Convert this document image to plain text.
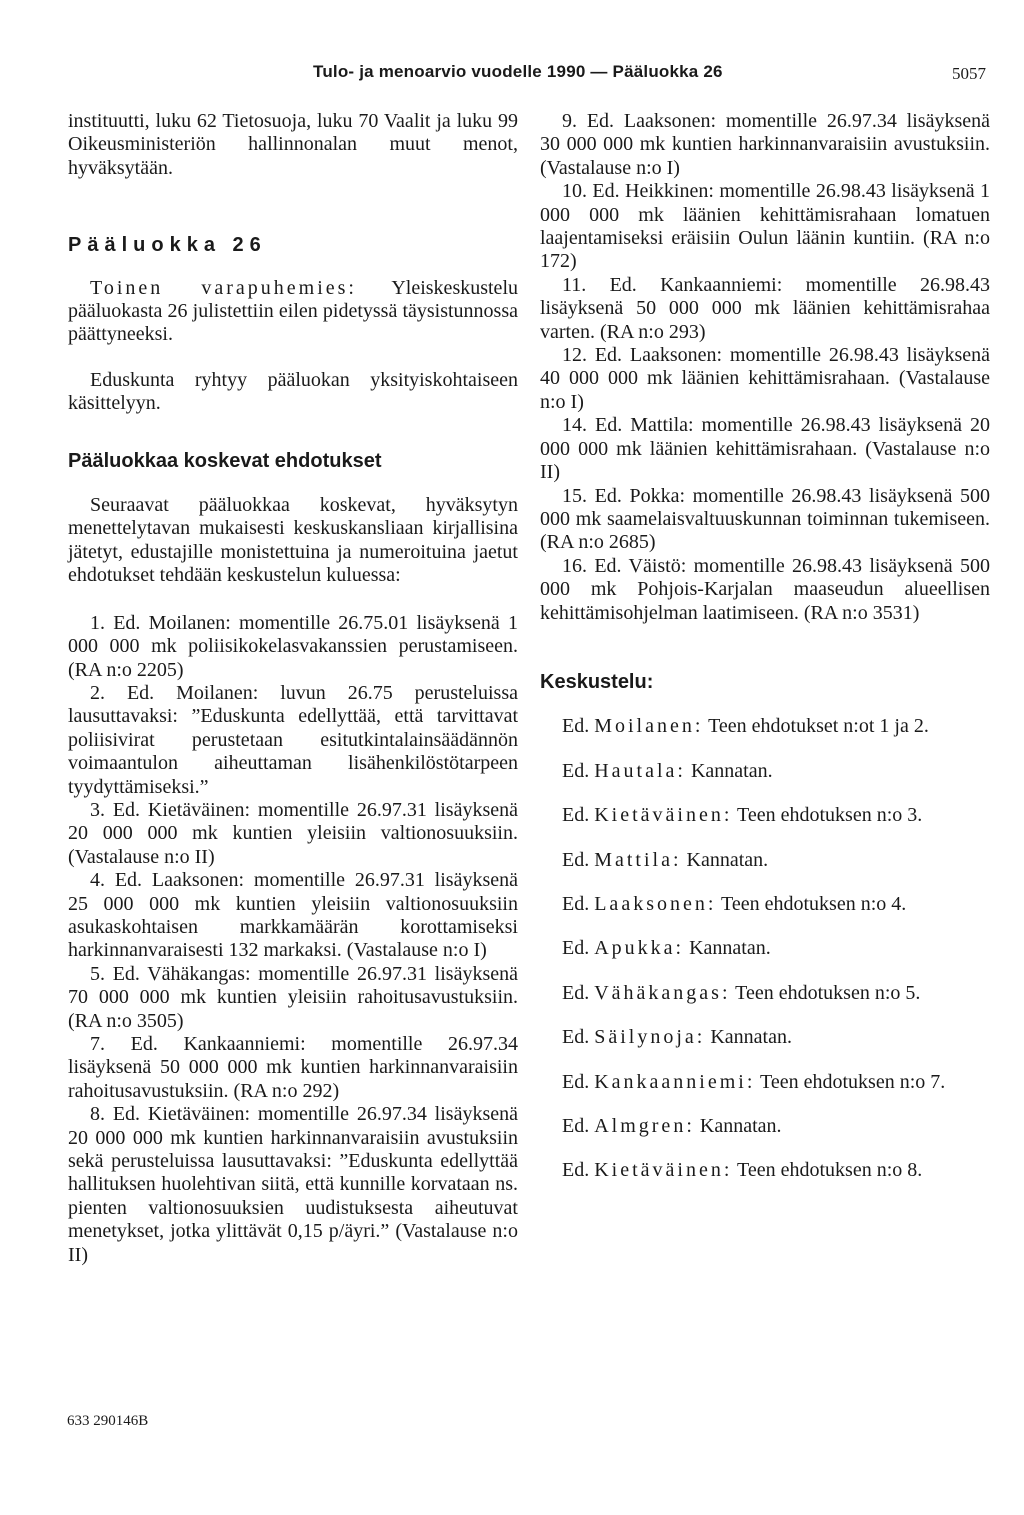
Tulo- ja menoarvio vuodelle 1990 — Pääluokka 26	5057

instituutti, luku 62 Tietosuoja, luku 70 Vaalit ja luku 99 Oikeusministeriön hallinnonalan muut menot, hyväksytään.

Pääluokka 26

Toinen varapuhemies: Yleiskeskustelu pääluokasta 26 julistettiin eilen pidetyssä täysistunnossa päättyneeksi.

Eduskunta ryhtyy pääluokan yksityiskohtaiseen käsittelyyn.

Pääluokkaa koskevat ehdotukset

Seuraavat pääluokkaa koskevat, hyväksytyn menettelytavan mukaisesti keskuskansliaan kirjallisina jätetyt, edustajille monistettuina ja numeroituina jaetut ehdotukset tehdään keskustelun kuluessa:

1. Ed. Moilanen: momentille 26.75.01 lisäyksenä 1 000 000 mk poliisikokelasvakanssien perustamiseen. (RA n:o 2205)

2. Ed. Moilanen: luvun 26.75 perusteluissa lausuttavaksi: ”Eduskunta edellyttää, että tarvittavat poliisivirat perustetaan esitutkintalainsäädännön voimaantulon aiheuttaman lisähenkilöstötarpeen tyydyttämiseksi.”

3. Ed. Kietäväinen: momentille 26.97.31 lisäyksenä 20 000 000 mk kuntien yleisiin valtionosuuksiin. (Vastalause n:o II)

4. Ed. Laaksonen: momentille 26.97.31 lisäyksenä 25 000 000 mk kuntien yleisiin valtionosuuksiin asukaskohtaisen markkamäärän korottamiseksi harkinnanvaraisesti 132 markaksi. (Vastalause n:o I)

5. Ed. Vähäkangas: momentille 26.97.31 lisäyksenä 70 000 000 mk kuntien yleisiin rahoitusavustuksiin. (RA n:o 3505)

7. Ed. Kankaanniemi: momentille 26.97.34 lisäyksenä 50 000 000 mk kuntien harkinnanvaraisiin rahoitusavustuksiin. (RA n:o 292)

8. Ed. Kietäväinen: momentille 26.97.34 lisäyksenä 20 000 000 mk kuntien harkinnanvaraisiin avustuksiin sekä perusteluissa lausuttavaksi: ”Eduskunta edellyttää hallituksen huolehtivan siitä, että kunnille korvataan ns. pienten valtionosuuksien uudistuksesta aiheutuvat menetykset, jotka ylittävät 0,15 p/äyri.” (Vastalause n:o II)

9. Ed. Laaksonen: momentille 26.97.34 lisäyksenä 30 000 000 mk kuntien harkinnanvaraisiin avustuksiin. (Vastalause n:o I)

10. Ed. Heikkinen: momentille 26.98.43 lisäyksenä 1 000 000 mk läänien kehittämisrahaan lomatuen laajentamiseksi eräisiin Oulun läänin kuntiin. (RA n:o 172)

11. Ed. Kankaanniemi: momentille 26.98.43 lisäyksenä 50 000 000 mk läänien kehittämisrahaa varten. (RA n:o 293)

12. Ed. Laaksonen: momentille 26.98.43 lisäyksenä 40 000 000 mk läänien kehittämisrahaan. (Vastalause n:o I)

14. Ed. Mattila: momentille 26.98.43 lisäyksenä 20 000 000 mk läänien kehittämisrahaan. (Vastalause n:o II)

15. Ed. Pokka: momentille 26.98.43 lisäyksenä 500 000 mk saamelaisvaltuuskunnan toiminnan tukemiseen. (RA n:o 2685)

16. Ed. Väistö: momentille 26.98.43 lisäyksenä 500 000 mk Pohjois-Karjalan maaseudun alueellisen kehittämisohjelman laatimiseen. (RA n:o 3531)

Keskustelu:

Ed. Moilanen: Teen ehdotukset n:ot 1 ja 2.

Ed. Hautala: Kannatan.

Ed. Kietäväinen: Teen ehdotuksen n:o 3.

Ed. Mattila: Kannatan.

Ed. Laaksonen: Teen ehdotuksen n:o 4.

Ed. Apukka: Kannatan.

Ed. Vähäkangas: Teen ehdotuksen n:o 5.

Ed. Säilynoja: Kannatan.

Ed. Kankaanniemi: Teen ehdotuksen n:o 7.

Ed. Almgren: Kannatan.

Ed. Kietäväinen: Teen ehdotuksen n:o 8.

633 290146B
